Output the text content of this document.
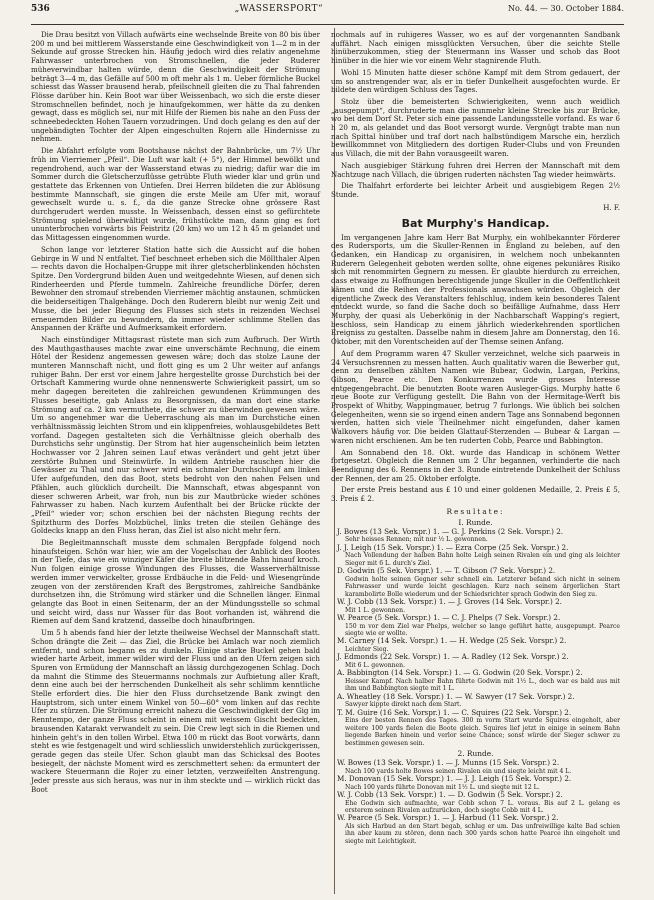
536	„WASSERSPORT“	No. 44. — 30. October 1884.

Die Drau besitzt von Villach aufwärts eine wechselnde Breite von 80 bis über 200 m und bei mittlerem Wasserstande eine Geschwindigkeit von 1—2 m in der Sekunde auf grosse Strecken hin. Häufig jedoch wird dies relativ angenehme Fahrwasser unterbrochen von Stromschnellen, die jeder Ruderer müheverwindbar halten würde, denn die Geschwindigkeit der Strömung beträgt 3—4 m, das Gefälle auf 500 m oft mehr als 1 m. Ueber förmliche Buckel schiesst das Wasser brausend herab, pfeilschnell gleiten die zu Thal fahrenden Flösse darüber hin. Kein Boot war über Weissenbach, wo sich die erste dieser Stromschnellen befindet, noch je hinaufgekommen, wer hätte da zu denken gewagt, dass es möglich sei, nur mit Hilfe der Riemen bis nahe an den Fuss der schneebedeckten Hohen Tauern vorzudringen. Und doch gelang es den auf der ungebändigten Tochter der Alpen eingeschulten Rojern alle Hindernisse zu nehmen.

Die Abfahrt erfolgte vom Bootshause nächst der Bahnbrücke, um 7½ Uhr früh im Vierriemer „Pfeil“. Die Luft war kalt (+ 5°), der Himmel bewölkt und regendrohend, auch war der Wasserstand etwas zu niedrig; dafür war die im Sommer durch die Gletscherzuflüsse getrübte Fluth wieder klar und grün und gestattete das Erkennen von Untiefen. Drei Herren bildeten die zur Ablösung bestimmte Mannschaft, sie gingen die erste Meile am Ufer mit, worauf gewechselt wurde u. s. f., da die ganze Strecke ohne grössere Rast durchgerudert werden musste. In Weissenbach, dessen einst so gefürchtete Strömung spielend überwältigt wurde, frühstückte man, dann ging es fort ununterbrochen vorwärts bis Feistritz (20 km) wo um 12 h 45 m gelandet und das Mittagessen eingenommen wurde.

Schon lange vor letzterer Station hatte sich die Aussicht auf die hohen Gebirge in W und N entfaltet. Tief beschneet erheben sich die Möllthaler Alpen — rechts davon die Hochalpen-Gruppe mit ihrer gletscherblinkenden höchsten Spitze. Den Vordergrund bilden Auen und weitgedehnte Wiesen, auf denen sich Rinderheerden und Pferde tummeln. Zahlreiche freundliche Dörfer, deren Bewohner den stromauf strebenden Vierriemer mächtig anstaunen, schmücken die beiderseitigen Thalgehänge. Doch den Ruderern bleibt nur wenig Zeit und Musse, die bei jeder Biegung des Flusses sich stets in reizenden Wechsel erneuernden Bilder zu bewundern, da immer wieder schlimme Stellen das Anspannen der Kräfte und Aufmerksamkeit erfordern.

Nach einstündiger Mittagsrast rüstete man sich zum Aufbruch. Der Wirth des Mauthgasthauses machte zwar eine unverschämte Rechnung, die einem Hôtel der Residenz angemessen gewesen wäre; doch das stolze Laune der munteren Mannschaft nicht, und flott ging es um 2 Uhr weiter auf anfangs ruhiger Bahn. Der erst vor einem Jahre hergestellte grosse Durchstich bei der Ortschaft Kammering wurde ohne nennenswerte Schwierigkeit passirt, um so mehr dagegen bereiteten die zahlreichen gewundenen Krümmungen des Flusses beseitigte, gab Anlass zu Besorgnissen, da man dort eine starke Strömung auf ca. 2 km vermuthete, die schwer zu überwinden gewesen wäre. Um so angenehmer war die Ueberraschung als man im Durchstiche einen verhältnissmässig leichten Strom und ein klippenfreies, wohlausgebildetes Bett vorfand. Dagegen gestalteten sich die Verhältnisse gleich oberhalb des Durchstichs sehr ungünstig. Der Strom hat hier augenscheinlich beim letzten Hochwasser vor 2 Jahren seinen Lauf etwas verändert und geht jetzt über zerstörte Buhnen und Steinwürfe. In wildem Antriebe rauschen hier die Gewässer zu Thal und nur schwer wird ein schmaler Durchschlupf am linken Ufer aufgefunden, den das Boot, stets bedroht von den nahen Felsen und Pfählen, auch glücklich durcheilt. Die Mannschaft, etwas abgespannt von dieser schweren Arbeit, war froh, nun bis zur Mautbrücke wieder schönes Fahrwasser zu haben. Nach kurzem Aufenthalt bei der Brücke rückte der „Pfeil“ wieder vor; schon erschien bei der nächsten Biegung rechts der Spitzthurm des Dorfes Molzbüchel, links treten die steilen Gehänge des Goldecks knapp an den Fluss heran, das Ziel ist also nicht mehr fern.

Die Begleitmannschaft musste dem schmalen Bergpfade folgend noch hinaufsteigen. Schön war hier, wie am der Vogelschau der Anblick des Bootes in der Tiefe, das wie ein winziger Käfer die breite blitzende Bahn hinauf kroch. Nun folgen einige grosse Windungen des Flusses, die Wasserverhältnisse werden immer verwickelter, grosse Erdbäuche in die Feld- und Wiesengründe zeugen von der zerstörenden Kraft des Bergstromes, zahlreiche Sandbänke durchsetzen ihn, die Strömung wird stärker und die Schnellen länger. Einmal gelangte das Boot in einen Seitenarm, der an der Mündungsstelle so schmal und seicht wird, dass nur Wasser für das Boot vorhanden ist, während die Riemen auf dem Sand kratzend, dasselbe doch hinaufbringen.

Um 5 h abends fand hier der letzte theilweise Wechsel der Mannschaft statt. Schon drängte die Zeit — das Ziel, die Brücke bei Amlach war noch ziemlich entfernt, und schon begann es zu dunkeln. Einige starke Buckel gehen bald wieder harte Arbeit, immer wilder wird der Fluss und an den Ufern zeigen sich Spuren von Ermüdung der Mannschaft an lässig durchgezogenen Schlag. Doch da mahnt die Stimme des Steuermanns nochmals zur Aufbietung aller Kraft, denn eine auch bei der herrschenden Dunkelheit als sehr schlimm kenntliche Stelle erfordert dies. Die hier den Fluss durchsetzende Bank zwingt den Hauptstrom, sich unter einem Winkel von 50—60° vom linken auf das rechte Ufer zu stürzen. Die Strömung erreicht nahezu die Geschwindigkeit der Gig im Renntempo, der ganze Fluss scheint in einem mit weissem Gischt bedeckten, brausenden Katarakt verwandelt zu sein. Die Crew legt sich in die Riemen und hinhein geht's in den tollen Wirbel. Etwa 100 m rückt das Boot vorwärts, dann steht es wie festgenagelt und wird schliesslich unwiderstehlich zurückgerissen, gerade gegen das steile Ufer. Schon glaubt man das Schicksal des Bootes besiegelt, der nächste Moment wird es zerschmettert sehen: da ermuntert der wackere Steuermann die Rojer zu einer letzten, verzweifelten Anstrengung. Jeder presste aus sich heraus, was nur in ihm steckte und — wirklich rückt das Boot

nochmals auf in ruhigeres Wasser, wo es auf der vorgenannten Sandbank auffährt. Nach einigen missglückten Versuchen, über die seichte Stelle hinüberzukommen, stieg der Steuermann ins Wasser und schob das Boot hinüber in die hier wie vor einem Wehr stagnirende Fluth.

Wohl 15 Minuten hatte dieser schöne Kampf mit dem Strom gedauert, der um so anstrengender war, als er in tiefer Dunkelheit ausgefochten wurde. Er bildete den würdigen Schluss des Tages.

Stolz über die bemeisterten Schwierigkeiten, wenn auch weidlich „ausgepumpt“, durchruderte man die nunmehr kleine Strecke bis zur Brücke, wo bei dem Dorf St. Peter sich eine passende Landungsstelle vorfand. Es war 6 h 20 m, als gelandet und das Boot versorgt wurde. Vergnügt trabte man nun nach Spittal hinüber und traf dort nach halbstündigem Marsche ein, herzlich bewillkommnet von Mitgliedern des dortigen Ruder-Clubs und von Freunden aus Villach, die mit der Bahn vorausgeeilt waren.

Nach ausgiebiger Stärkung fuhren drei Herren der Mannschaft mit dem Nachtzuge nach Villach, die übrigen ruderten nächsten Tag wieder heimwärts.

Die Thalfahrt erforderte bei leichter Arbeit und ausgiebigem Regen 2½ Stunde.

H. F.
Bat Murphy's Handicap.

Im vergangenen Jahre kam Herr Bat Murphy, ein wohlbekannter Förderer des Rudersports, um die Skuller-Rennen in England zu beleben, auf den Gedanken, ein Handicap zu organisiren, in welchem noch unbekannten Ruderern Gelegenheit geboten werden sollte, ohne eigenes pekuniäres Risiko sich mit renommirten Gegnern zu messen. Er glaubte hierdurch zu erreichen, dass etwaige zu Hoffnungen berechtigende junge Skuller in die Oeffentlichkeit kämen und die Reihen der Professionals anwachsen würden. Obgleich der eigentliche Zweck des Veranstalters fehlschlug, indem kein besonderes Talent entdeckt wurde, so fand die Sache doch so beifällige Aufnahme, dass Herr Murphy, der quasi als Ueberkönig in der Nachbarschaft Wapping's regiert, beschloss, sein Handicap zu einem jährlich wiederkehrenden sportlichen Ereigniss zu gestalten. Dasselbe nahm in diesem Jahre am Donnerstag, den 16. Oktober, mit den Vorentscheiden auf der Themse seinen Anfang.

Auf dem Programm waren 47 Skuller verzeichnet, welche sich paarweis in 24 Versuchsrennen zu messen hatten. Auch qualitativ waren die Bewerber gut, denn zu denselben zählten Namen wie Bubear, Godwin, Largan, Perkins, Gibson, Pearce etc. Den Konkurrenzen wurde grosses Interesse entgegengebracht. Die benutzten Boote waren Ausleger-Gigs. Murphy hatte 6 neue Boote zur Verfügung gestellt. Die Bahn von der Hermitage-Werft bis Prospekt of Whitby, Wappingmauer, betrug 7 furlongs. Wie üblich bei solchen Gelegenheiten, wenn sie so irgend einen andern Tage ans Sonnabend begonnen werden, hatten sich viele Theilnehmer nicht eingefunden, daher kamen Walkovers häufig vor. Die beiden Glattauf-Sterzenden — Bubear & Largan — waren nicht erschienen. Am be ten ruderten Cobb, Pearce und Babbington.

Am Sonnabend den 18. Okt. wurde das Handicap in schönem Wetter fortgesetzt. Obgleich die Rennen um 2 Uhr begannen, verhinderte die nach Beendigung des 6. Rennens in der 3. Runde eintretende Dunkelheit der Schluss der Rennen, der am 25. Oktober erfolgte.

Der erste Preis bestand aus £ 10 und einer goldenen Medaille, 2. Preis £ 5, 3. Preis £ 2.

Resultate:
I. Runde.
J. Bowes (13 Sek. Vorspr.) 1. — G. J. Perkins (2 Sek. Vorspr.) 2.
Sehr heisses Rennen; mit nur ½ L. gewonnen.
J. J. Leigh (15 Sek. Vorspr.) 1. — Ezra Corpe (25 Sek. Vorspr.) 2.
Nach Vollendung der halben Bahn holte Leigh seinen Rivalen ein und ging als leichter Sieger mit 6 L. durch's Ziel.
D. Godwin (5 Sek. Vorspr.) 1. — T. Gibson (7 Sek. Vorspr.) 2.
Godwin holte seinen Gegner sehr schnell ein. Letzterer befand sich nicht in seinem Fahrwasser und wurde leicht geschlagen. Kurz nach seinem ärgerlichen Start karambolirte Bolle wiederum und der Schiedsrichter sprach Godwin den Sieg zu.
W. J. Cobb (13 Sek. Vorspr.) 1. — J. Groves (14 Sek. Vorspr.) 2.
Mit 1 L. gewonnen.
W. Pearce (5 Sek. Vorspr.) 1. — C. J. Phelps (7 Sek. Vorspr.) 2.
150 m vor dem Ziel war Phelps, welcher so lange geführt hatte, ausgepumpt. Pearce siegte wie er wollte.
M. Carney (14 Sek. Vorspr.) 1. — H. Wedge (25 Sek. Vorspr.) 2.
Leichter Sieg.
J. Edmonds (22 Sek. Vorspr.) 1. — A. Radley (12 Sek. Vorspr.) 2.
Mit 6 L. gewonnen.
A. Babbington (14 Sek. Vorspr.) 1. — G. Godwin (20 Sek. Vorspr.) 2.
Heisser Kampf. Nach halber Bahn führte Godwin mit 1½ L., doch war es bald aus mit ihm und Babbington siegte mit 1 L.
A. Wheatley (18 Sek. Vorspr.) 1. — W. Sawyer (17 Sek. Vorspr.) 2.
Sawyer kippte direkt nach dem Start.
T. M. Guire (16 Sek. Vorspr.) 1. — C. Squires (22 Sek. Vorspr.) 2.
Eins der besten Rennen des Tages. 300 m vorm Start wurde Squires eingeholt, aber weitere 100 yards fielen die Boote gleich. Squires lief jetzt in einige in seinem Bahn liegende Barken hinein und verlor seine Chance; sonst würde der Sieger schwer zu bestimmen gewesen sein.
2. Runde.
W. Bowes (13 Sek. Vorspr.) 1. — J. Munns (15 Sek. Vorspr.) 2.
Nach 100 yards holte Bowes seinen Rivalen ein und siegte leicht mit 4 L.
M. Donovan (15 Sek. Vorspr.) 1. — J. J. Leigh (15 Sek. Vorspr.) 2.
Nach 100 yards führte Donovan mit 1½ L. und siegte mit 12 L.
W. J. Cobb (13 Sek. Vorspr.) 1. — D. Godwin (5 Sek. Vorspr.) 2.
Ehe Godwin sich aufmachte, war Cobb schon 7 L. voraus. Bis auf 2 L. gelang es ersterem seinen Rivalen aufzurücken, doch siegte Cobb mit 4 L.
W. Pearce (5 Sek. Vorspr.) 1. — J. Harbud (11 Sek. Vorspr.) 2.
Als sich Harbud an den Start begab, schlug er um. Das unfreiwillige kalte Bad schien ihn aber kaum zu stören, denn nach 300 yards schon hatte Pearce ihn eingeholt und siegte mit Leichtigkeit.
